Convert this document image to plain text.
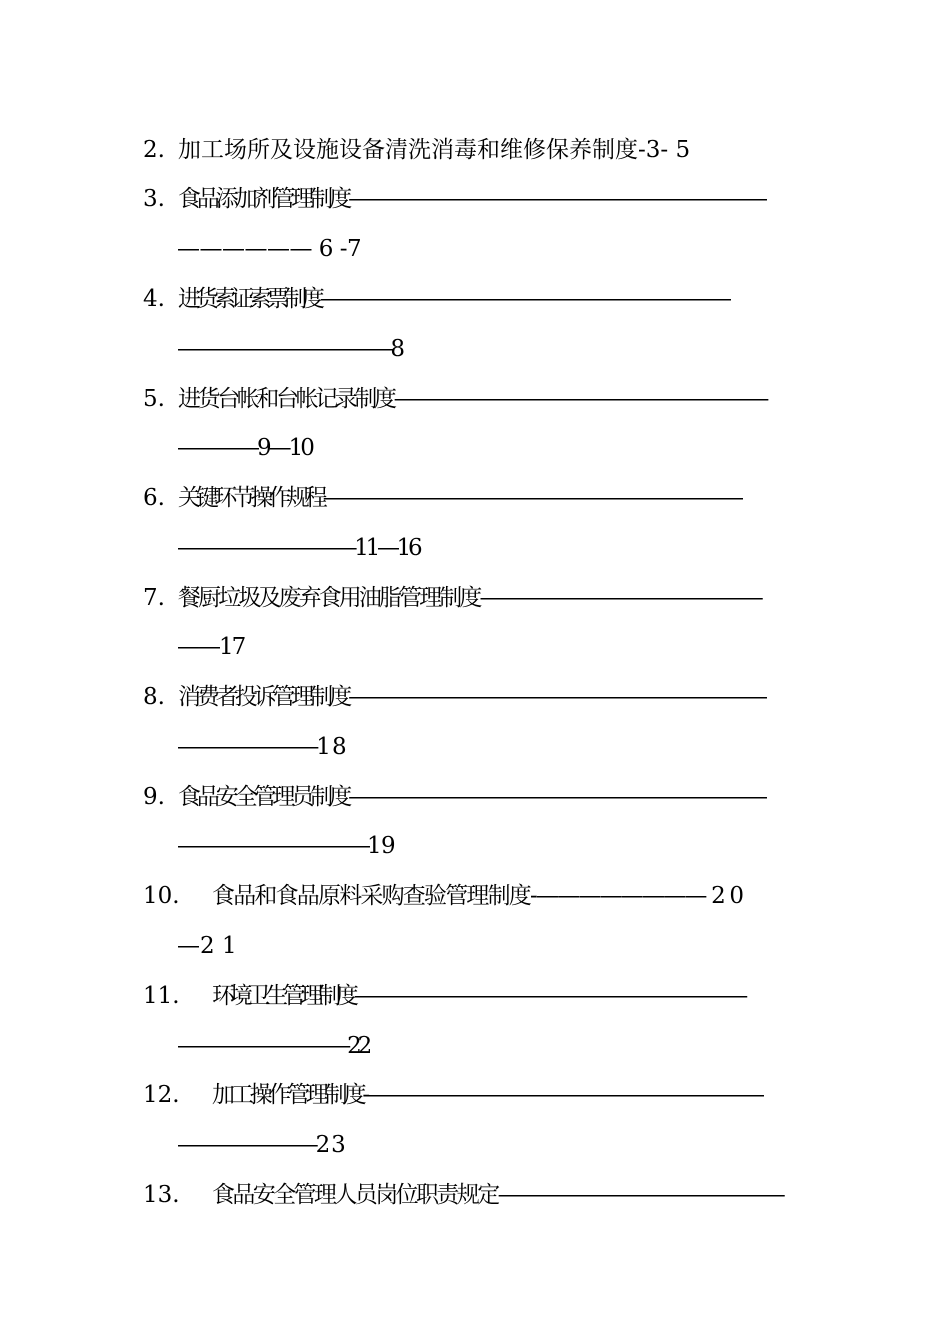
2. 加工场所及设施设备清洗消毒和维修保养制度-3- 5
3. 食品添加剂管理制度——————————————————————
—————— 6 -7
4. 进货索证索票制度———————————————————————
———————————8
5. 进货台帐和台帐记录制度———————————————————
————9—10
6. 关键环节操作规程———————————————————————
—————————11—16
7. 餐厨垃圾及废弃食用油脂管理制度——————————————
——17
8. 消费者投诉管理制度——————————————————————
———————1 8
9. 食品安全管理员制度——————————————————————
——————————1 9
10. 食品和食品原料采购查验管理制度-———————— 2 0
—2 1
11. 环境卫生管理制度——————————————————————
—————————22
12. 加工操作管理制度-—————————————————————
———————2 3
13. 食品安全管理人员岗位职责规定——————————————
